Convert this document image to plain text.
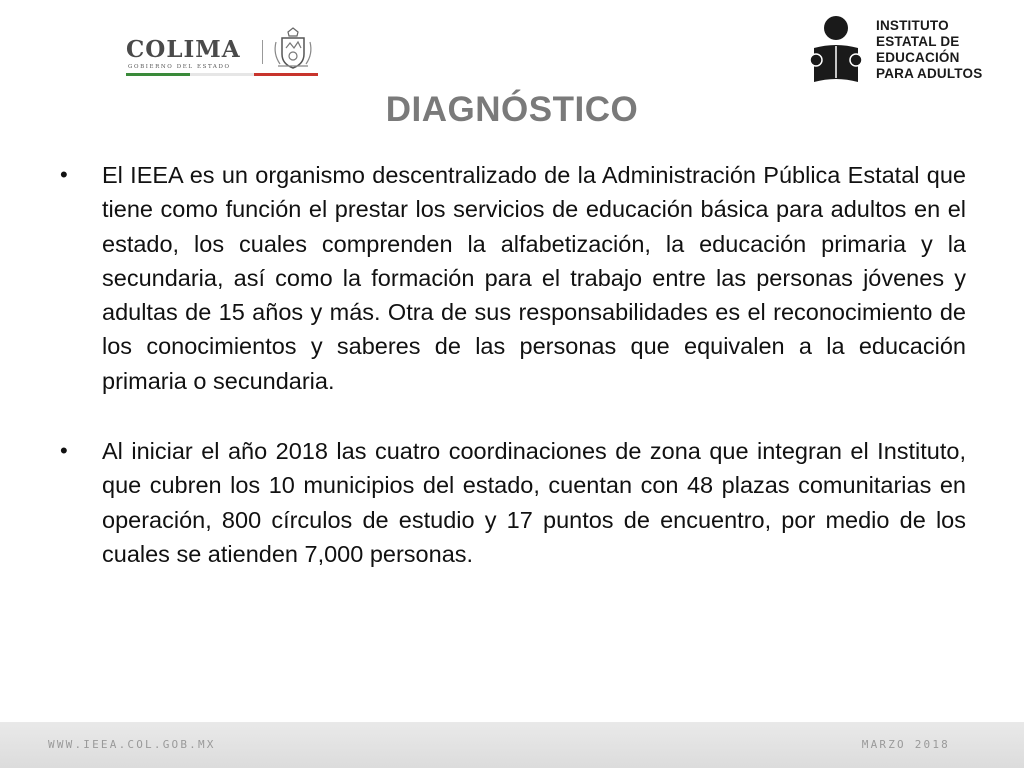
COLIMA
GOBIERNO DEL ESTADO
INSTITUTO
ESTATAL DE
EDUCACIÓN
PARA ADULTOS
DIAGNÓSTICO
• El IEEA es un organismo descentralizado de la Administración Pública Estatal que tiene como función el prestar los servicios de educación básica para adultos en el estado, los cuales comprenden la alfabetización, la educación primaria y la secundaria, así como la formación para el trabajo entre las personas jóvenes y adultas de 15 años y más. Otra de sus responsabilidades es el reconocimiento de los conocimientos y saberes de las personas que equivalen a la educación primaria o secundaria.
• Al iniciar el año 2018 las cuatro coordinaciones de zona que integran el Instituto, que cubren los 10 municipios del estado, cuentan con 48 plazas comunitarias en operación, 800 círculos de estudio y 17 puntos de encuentro, por medio de los cuales se atienden 7,000 personas.
WWW.IEEA.COL.GOB.MX	MARZO 2018
